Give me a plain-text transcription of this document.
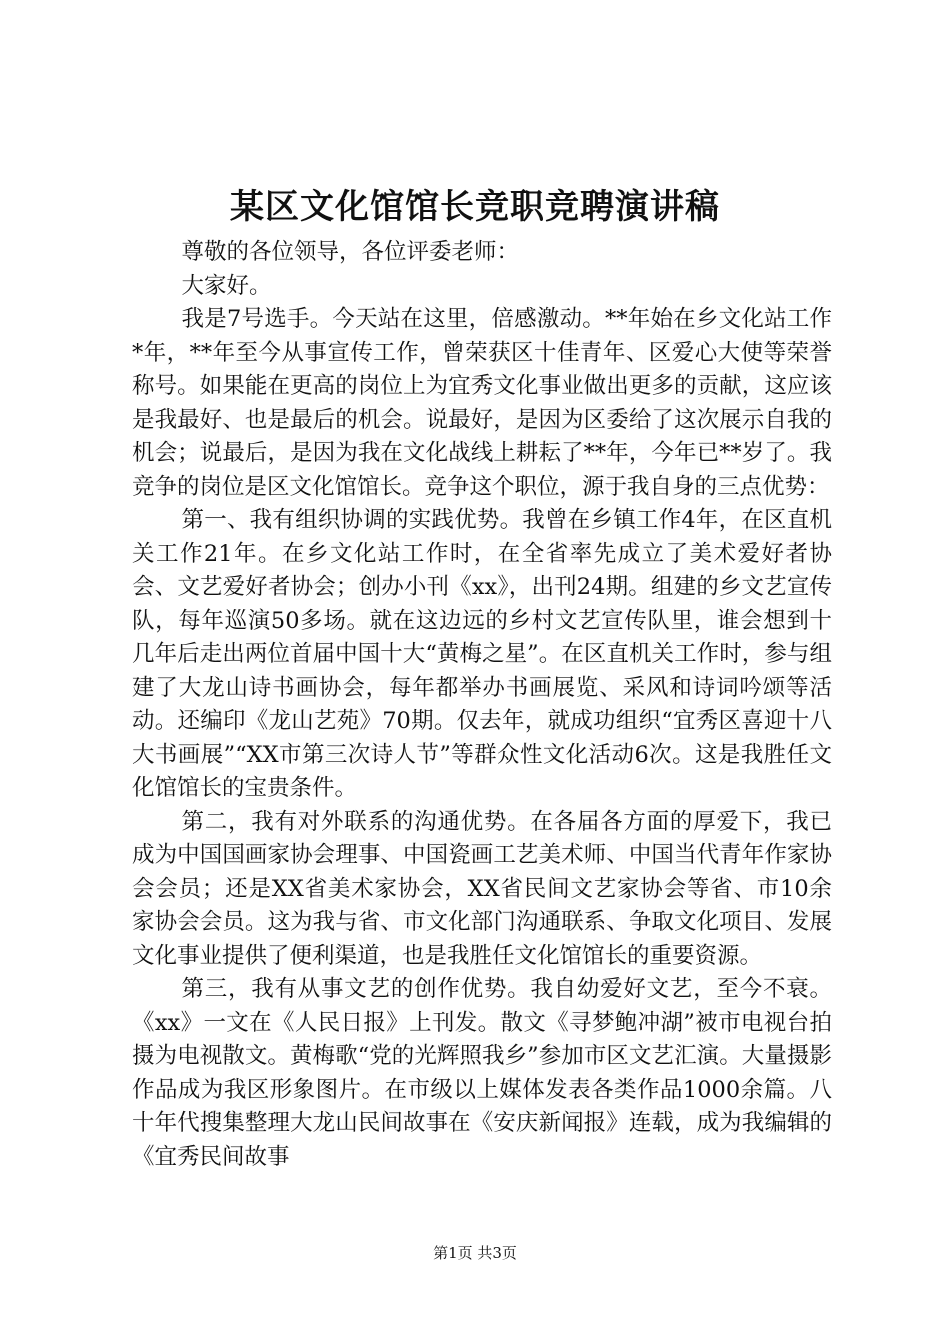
某区文化馆馆长竞职竞聘演讲稿

尊敬的各位领导，各位评委老师：

大家好。

我是7号选手。今天站在这里，倍感激动。**年始在乡文化站工作*年，**年至今从事宣传工作，曾荣获区十佳青年、区爱心大使等荣誉称号。如果能在更高的岗位上为宜秀文化事业做出更多的贡献，这应该是我最好、也是最后的机会。说最好，是因为区委给了这次展示自我的机会；说最后，是因为我在文化战线上耕耘了**年，今年已**岁了。我竞争的岗位是区文化馆馆长。竞争这个职位，源于我自身的三点优势：

第一、我有组织协调的实践优势。我曾在乡镇工作4年，在区直机关工作21年。在乡文化站工作时，在全省率先成立了美术爱好者协会、文艺爱好者协会；创办小刊《xx》，出刊24期。组建的乡文艺宣传队，每年巡演50多场。就在这边远的乡村文艺宣传队里，谁会想到十几年后走出两位首届中国十大“黄梅之星”。在区直机关工作时，参与组建了大龙山诗书画协会，每年都举办书画展览、采风和诗词吟颂等活动。还编印《龙山艺苑》70期。仅去年，就成功组织“宜秀区喜迎十八大书画展”“XX市第三次诗人节”等群众性文化活动6次。这是我胜任文化馆馆长的宝贵条件。

第二，我有对外联系的沟通优势。在各届各方面的厚爱下，我已成为中国国画家协会理事、中国瓷画工艺美术师、中国当代青年作家协会会员；还是XX省美术家协会，XX省民间文艺家协会等省、市10余家协会会员。这为我与省、市文化部门沟通联系、争取文化项目、发展文化事业提供了便利渠道，也是我胜任文化馆馆长的重要资源。

第三，我有从事文艺的创作优势。我自幼爱好文艺，至今不衰。《xx》一文在《人民日报》上刊发。散文《寻梦鲍冲湖”被市电视台拍摄为电视散文。黄梅歌“党的光辉照我乡”参加市区文艺汇演。大量摄影作品成为我区形象图片。在市级以上媒体发表各类作品1000余篇。八十年代搜集整理大龙山民间故事在《安庆新闻报》连载，成为我编辑的《宜秀民间故事

第1页 共3页
